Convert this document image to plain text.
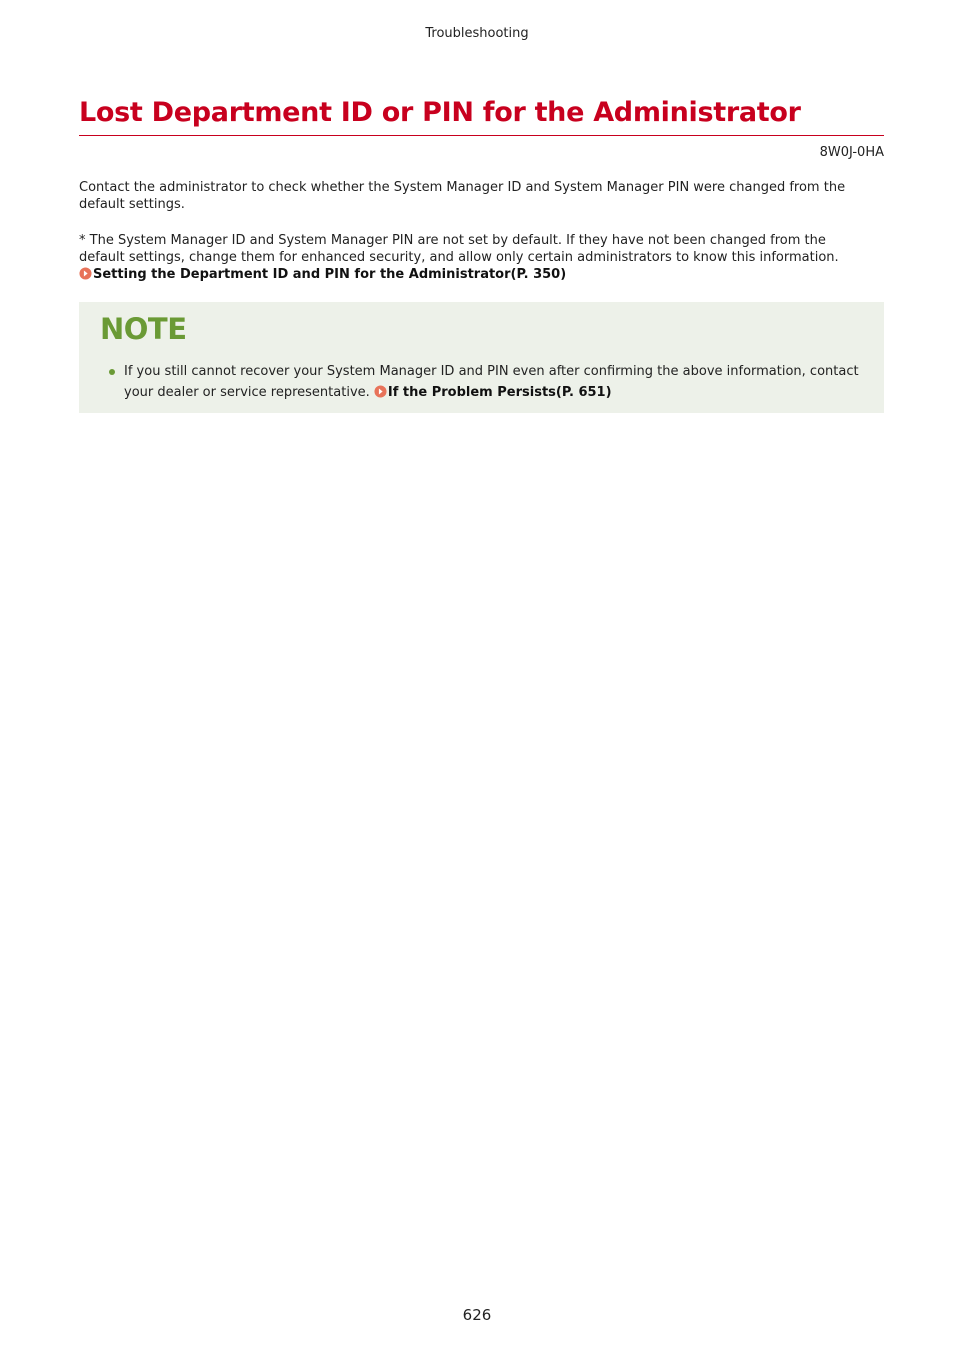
Troubleshooting
Lost Department ID or PIN for the Administrator
8W0J-0HA

Contact the administrator to check whether the System Manager ID and System Manager PIN were changed from the default settings.

* The System Manager ID and System Manager PIN are not set by default. If they have not been changed from the
default settings, change them for enhanced security, and allow only certain administrators to know this information.
Setting the Department ID and PIN for the Administrator(P. 350)
NOTE
If you still cannot recover your System Manager ID and PIN even after confirming the above information, contact your dealer or service representative. If the Problem Persists(P. 651)
626
